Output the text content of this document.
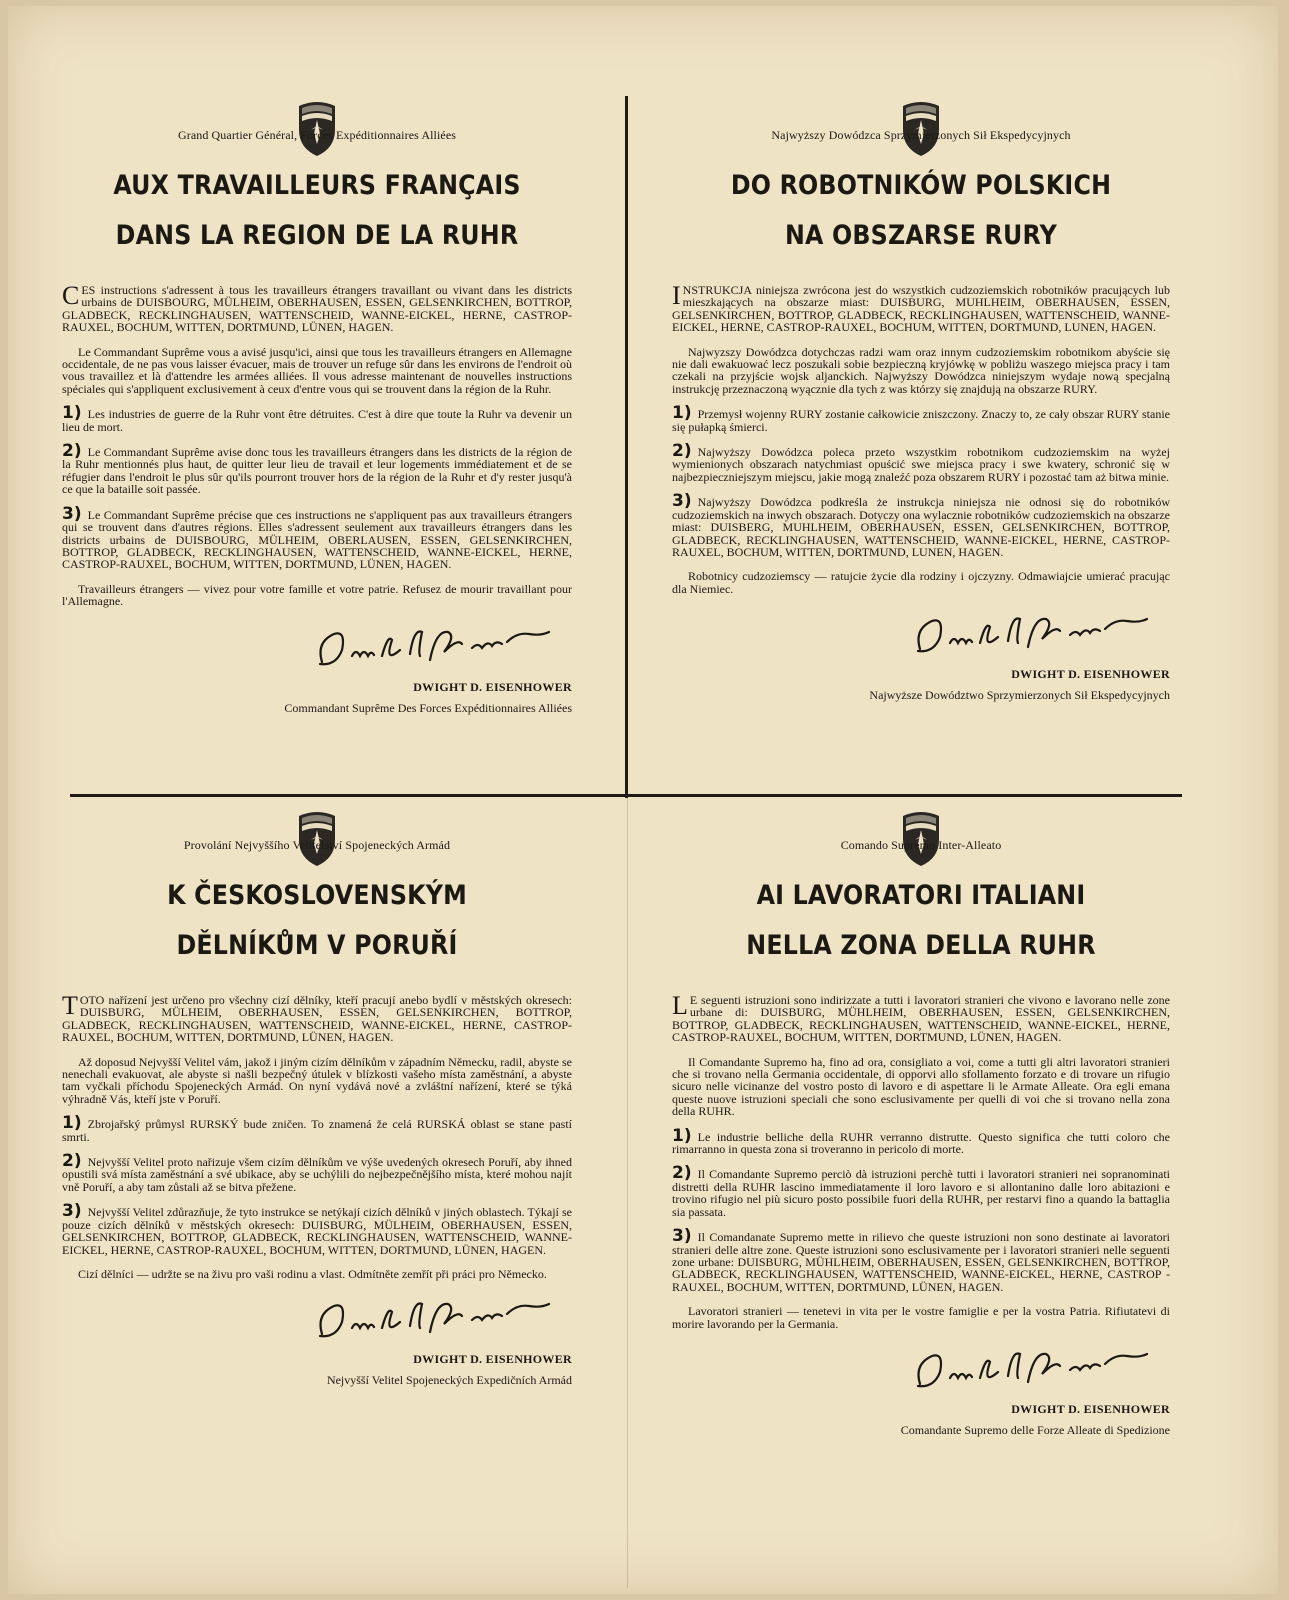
Grand Quartier Général, Forces Expéditionnaires Alliées
AUX TRAVAILLEURS FRANÇAIS
DANS LA REGION DE LA RUHR

CES instructions s'adressent à tous les travailleurs étrangers travaillant ou vivant dans les districts urbains de DUISBOURG, MÜLHEIM, OBERHAUSEN, ESSEN, GELSENKIRCHEN, BOTTROP, GLADBECK, RECKLINGHAUSEN, WATTENSCHEID, WANNE-EICKEL, HERNE, CASTROP-RAUXEL, BOCHUM, WITTEN, DORTMUND, LÜNEN, HAGEN.

Le Commandant Suprême vous a avisé jusqu'ici, ainsi que tous les travailleurs étrangers en Allemagne occidentale, de ne pas vous laisser évacuer, mais de trouver un refuge sûr dans les environs de l'endroit où vous travaillez et là d'attendre les armées alliées. Il vous adresse maintenant de nouvelles instructions spéciales qui s'appliquent exclusivement à ceux d'entre vous qui se trouvent dans la région de la Ruhr.

1) Les industries de guerre de la Ruhr vont être détruites. C'est à dire que toute la Ruhr va devenir un lieu de mort.

2) Le Commandant Suprême avise donc tous les travailleurs étrangers dans les districts de la région de la Ruhr mentionnés plus haut, de quitter leur lieu de travail et leur logements immédiatement et de se réfugier dans l'endroit le plus sûr qu'ils pourront trouver hors de la région de la Ruhr et d'y rester jusqu'à ce que la bataille soit passée.

3) Le Commandant Suprême précise que ces instructions ne s'appliquent pas aux travailleurs étrangers qui se trouvent dans d'autres régions. Elles s'adressent seulement aux travailleurs étrangers dans les districts urbains de DUISBOURG, MÜLHEIM, OBERLAUSEN, ESSEN, GELSENKIRCHEN, BOTTROP, GLADBECK, RECKLINGHAUSEN, WATTENSCHEID, WANNE-EICKEL, HERNE, CASTROP-RAUXEL, BOCHUM, WITTEN, DORTMUND, LÜNEN, HAGEN.

Travailleurs étrangers — vivez pour votre famille et votre patrie. Refusez de mourir travaillant pour l'Allemagne.

DWIGHT D. EISENHOWER
Commandant Suprême Des Forces Expéditionnaires Alliées
Najwyższy Dowódzca Sprzymierzonych Sił Ekspedycyjnych
DO ROBOTNIKÓW POLSKICH
NA OBSZARSE RURY

INSTRUKCJA niniejsza zwrócona jest do wszystkich cudzoziemskich robotników pracujących lub mieszkających na obszarze miast: DUISBURG, MUHLHEIM, OBERHAUSEN, ESSEN, GELSENKIRCHEN, BOTTROP, GLADBECK, RECKLINGHAUSEN, WATTENSCHEID, WANNE-EICKEL, HERNE, CASTROP-RAUXEL, BOCHUM, WITTEN, DORTMUND, LUNEN, HAGEN.

Najwyzszy Dowódzca dotychczas radzi wam oraz innym cudzoziemskim robotnikom abyście się nie dali ewakuować lecz poszukali sobie bezpieczną kryjówkę w pobliżu waszego miejsca pracy i tam czekali na przyjście wojsk aljanckich. Najwyższy Dowódzca niniejszym wydaje nową specjalną instrukcję przeznaczoną wyącznie dla tych z was którzy się znajdują na obszarze RURY.

1) Przemysł wojenny RURY zostanie całkowicie zniszczony. Znaczy to, ze cały obszar RURY stanie się pułapką śmierci.

2) Najwyższy Dowódzca poleca przeto wszystkim robotnikom cudzoziemskim na wyżej wymienionych obszarach natychmiast opuścić swe miejsca pracy i swe kwatery, schronić się w najbezpieczniejszym miejscu, jakie mogą znaleźć poza obszarem RURY i pozostać tam aż bitwa minie.

3) Najwyższy Dowódzca podkreśla że instrukcja niniejsza nie odnosi się do robotników cudzoziemskich na inwych obszarach. Dotyczy ona wylacznie robotników cudzoziemskich na obszarze miast: DUISBERG, MUHLHEIM, OBERHAUSEN, ESSEN, GELSENKIRCHEN, BOTTROP, GLADBECK, RECKLINGHAUSEN, WATTENSCHEID, WANNE-EICKEL, HERNE, CASTROP-RAUXEL, BOCHUM, WITTEN, DORTMUND, LUNEN, HAGEN.

Robotnicy cudzoziemscy — ratujcie życie dla rodziny i ojczyzny. Odmawiajcie umierać pracując dla Niemiec.

DWIGHT D. EISENHOWER
Najwyższe Dowództwo Sprzymierzonych Sił Ekspedycyjnych
Provolání Nejvyššího Velitelství Spojeneckých Armád
K ČESKOSLOVENSKÝM
DĚLNÍKŮM V PORUŘÍ

TOTO nařízení jest určeno pro všechny cizí dělníky, kteří pracují anebo bydlí v městských okresech: DUISBURG, MÜLHEIM, OBERHAUSEN, ESSEN, GELSENKIRCHEN, BOTTROP, GLADBECK, RECKLINGHAUSEN, WATTENSCHEID, WANNE-EICKEL, HERNE, CASTROP-RAUXEL, BOCHUM, WITTEN, DORTMUND, LÜNEN, HAGEN.

Až doposud Nejvyšší Velitel vám, jakož i jiným cizím dělníkům v západním Německu, radil, abyste se nenechali evakuovat, ale abyste si našli bezpečný útulek v blízkosti vašeho místa zaměstnání, a abyste tam vyčkali příchodu Spojeneckých Armád. On nyní vydává nové a zvláštní nařízení, které se týká výhradně Vás, kteří jste v Poruří.

1) Zbrojařský průmysl RURSKÝ bude zničen. To znamená že celá RURSKÁ oblast se stane pastí smrti.

2) Nejvyšší Velitel proto nařizuje všem cizím dělníkům ve výše uvedených okresech Poruří, aby ihned opustili svá místa zaměstnání a své ubikace, aby se uchýlili do nejbezpečnějšího místa, které mohou najít vně Poruří, a aby tam zůstali až se bitva přežene.

3) Nejvyšší Velitel zdůrazňuje, že tyto instrukce se netýkají cizích dělníků v jiných oblastech. Týkají se pouze cizích dělníků v městských okresech: DUISBURG, MÜLHEIM, OBERHAUSEN, ESSEN, GELSENKIRCHEN, BOTTROP, GLADBECK, RECKLINGHAUSEN, WATTENSCHEID, WANNE-EICKEL, HERNE, CASTROP-RAUXEL, BOCHUM, WITTEN, DORTMUND, LÜNEN, HAGEN.

Cizí dělníci — udržte se na živu pro vaši rodinu a vlast. Odmítněte zemřít při práci pro Německo.

DWIGHT D. EISENHOWER
Nejvyšší Velitel Spojeneckých Expedičních Armád
Comando Supremo Inter-Alleato
AI LAVORATORI ITALIANI
NELLA ZONA DELLA RUHR

L E seguenti istruzioni sono indirizzate a tutti i lavoratori stranieri che vivono e lavorano nelle zone urbane di: DUISBURG, MÜHLHEIM, OBERHAUSEN, ESSEN, GELSENKIRCHEN, BOTTROP, GLADBECK, RECKLINGHAUSEN, WATTENSCHEID, WANNE-EICKEL, HERNE, CASTROP-RAUXEL, BOCHUM, WITTEN, DORTMUND, LÜNEN, HAGEN.

Il Comandante Supremo ha, fino ad ora, consigliato a voi, come a tutti gli altri lavoratori stranieri che si trovano nella Germania occidentale, di opporvi allo sfollamento forzato e di trovare un rifugio sicuro nelle vicinanze del vostro posto di lavoro e di aspettare li le Armate Alleate. Ora egli emana queste nuove istruzioni speciali che sono esclusivamente per quelli di voi che si trovano nella zona della RUHR.

1) Le industrie belliche della RUHR verranno distrutte. Questo significa che tutti coloro che rimarranno in questa zona si troveranno in pericolo di morte.

2) Il Comandante Supremo perciò dà istruzioni perchè tutti i lavoratori stranieri nei sopranominati distretti della RUHR lascino immediatamente il loro lavoro e si allontanino dalle loro abitazioni e trovino rifugio nel più sicuro posto possibile fuori della RUHR, per restarvi fino a quando la battaglia sia passata.

3) Il Comandanate Supremo mette in rilievo che queste istruzioni non sono destinate ai lavoratori stranieri delle altre zone. Queste istruzioni sono esclusivamente per i lavoratori stranieri nelle seguenti zone urbane: DUISBURG, MÜHLHEIM, OBERHAUSEN, ESSEN, GELSENKIRCHEN, BOTTROP, GLADBECK, RECKLINGHAUSEN, WATTENSCHEID, WANNE-EICKEL, HERNE, CASTROP - RAUXEL, BOCHUM, WITTEN, DORTMUND, LÜNEN, HAGEN.

Lavoratori stranieri — tenetevi in vita per le vostre famiglie e per la vostra Patria. Rifiutatevi di morire lavorando per la Germania.

DWIGHT D. EISENHOWER
Comandante Supremo delle Forze Alleate di Spedizione
